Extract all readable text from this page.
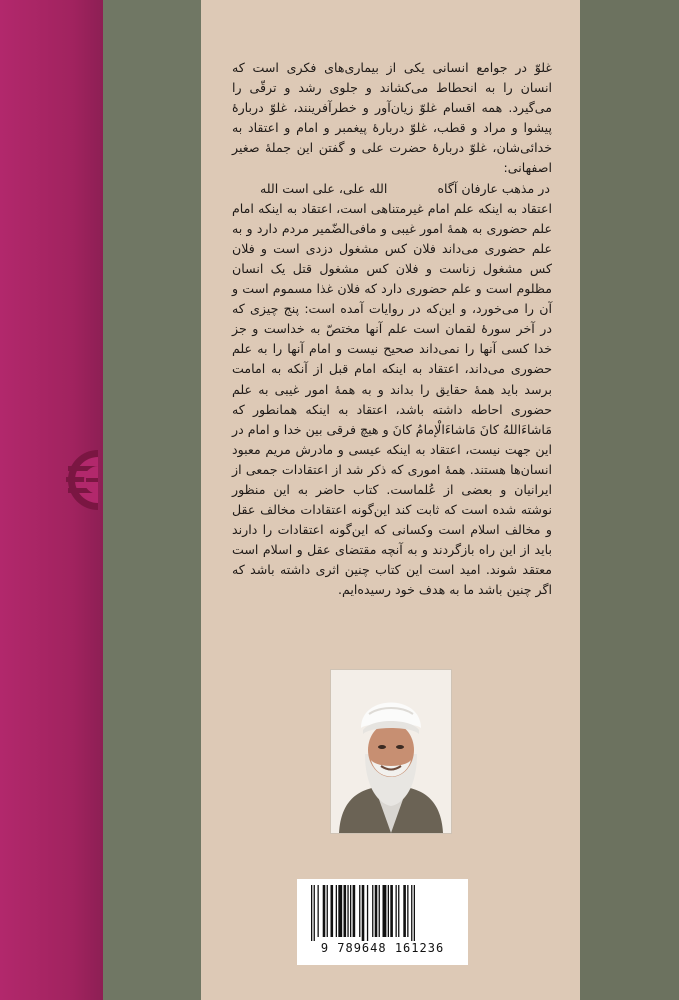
غلوّ در جوامع انسانی یکی از بیماری‌های فکری است که انسان را به انحطاط می‌کشاند و جلوی رشد و ترقّی را می‌گیرد. همه اقسام غلوّ زیان‌آور و خطرآفرینند، غلوّ دربارهٔ پیشوا و مراد و قطب، غلوّ دربارهٔ پیغمبر و امام و اعتقاد به خدائی‌شان، غلوّ دربارهٔ حضرت علی و گفتن این جملهٔ صغیر اصفهانی:

در مذهب عارفان آگاه
الله علی، علی است الله

اعتقاد به اینکه علم امام غیرمتناهی است، اعتقاد به اینکه امام علم حضوری به همهٔ امور غیبی و مافی‌الضّمیر مردم دارد و به علم حضوری می‌داند فلان کس مشغول دزدی است و فلان کس مشغول زناست و فلان کس مشغول قتل یک انسان مظلوم است و علم حضوری دارد که فلان غذا مسموم است و آن را می‌خورد، و این‌که در روایات آمده است: پنج چیزی که در آخر سورهٔ لقمان است علم آنها مختصّ به خداست و جز خدا کسی آنها را نمی‌داند صحیح نیست و امام آنها را به علم حضوری می‌داند، اعتقاد به اینکه امام قبل از آنکه به امامت برسد باید همهٔ حقایق را بداند و به همهٔ امور غیبی به علم حضوری احاطه داشته باشد، اعتقاد به اینکه همانطور که مَاشاءَاللهُ کانَ مَاشاءَالْإمامُ کانَ و هیچ فرقی بین خدا و امام در این جهت نیست، اعتقاد به اینکه عیسی و مادرش مریم معبود انسان‌ها هستند. همهٔ اموری که ذکر شد از اعتقادات جمعی از ایرانیان و بعضی از عُلماست. کتاب حاضر به این منظور نوشته شده است که ثابت کند این‌گونه اعتقادات مخالف عقل و مخالف اسلام است وکسانی که این‌گونه اعتقادات را دارند باید از این راه بازگردند و به آنچه مقتضای عقل و اسلام است معتقد شوند. امید است این کتاب چنین اثری داشته باشد که اگر چنین باشد ما به هدف خود رسیده‌ایم.

9 789648 161236
